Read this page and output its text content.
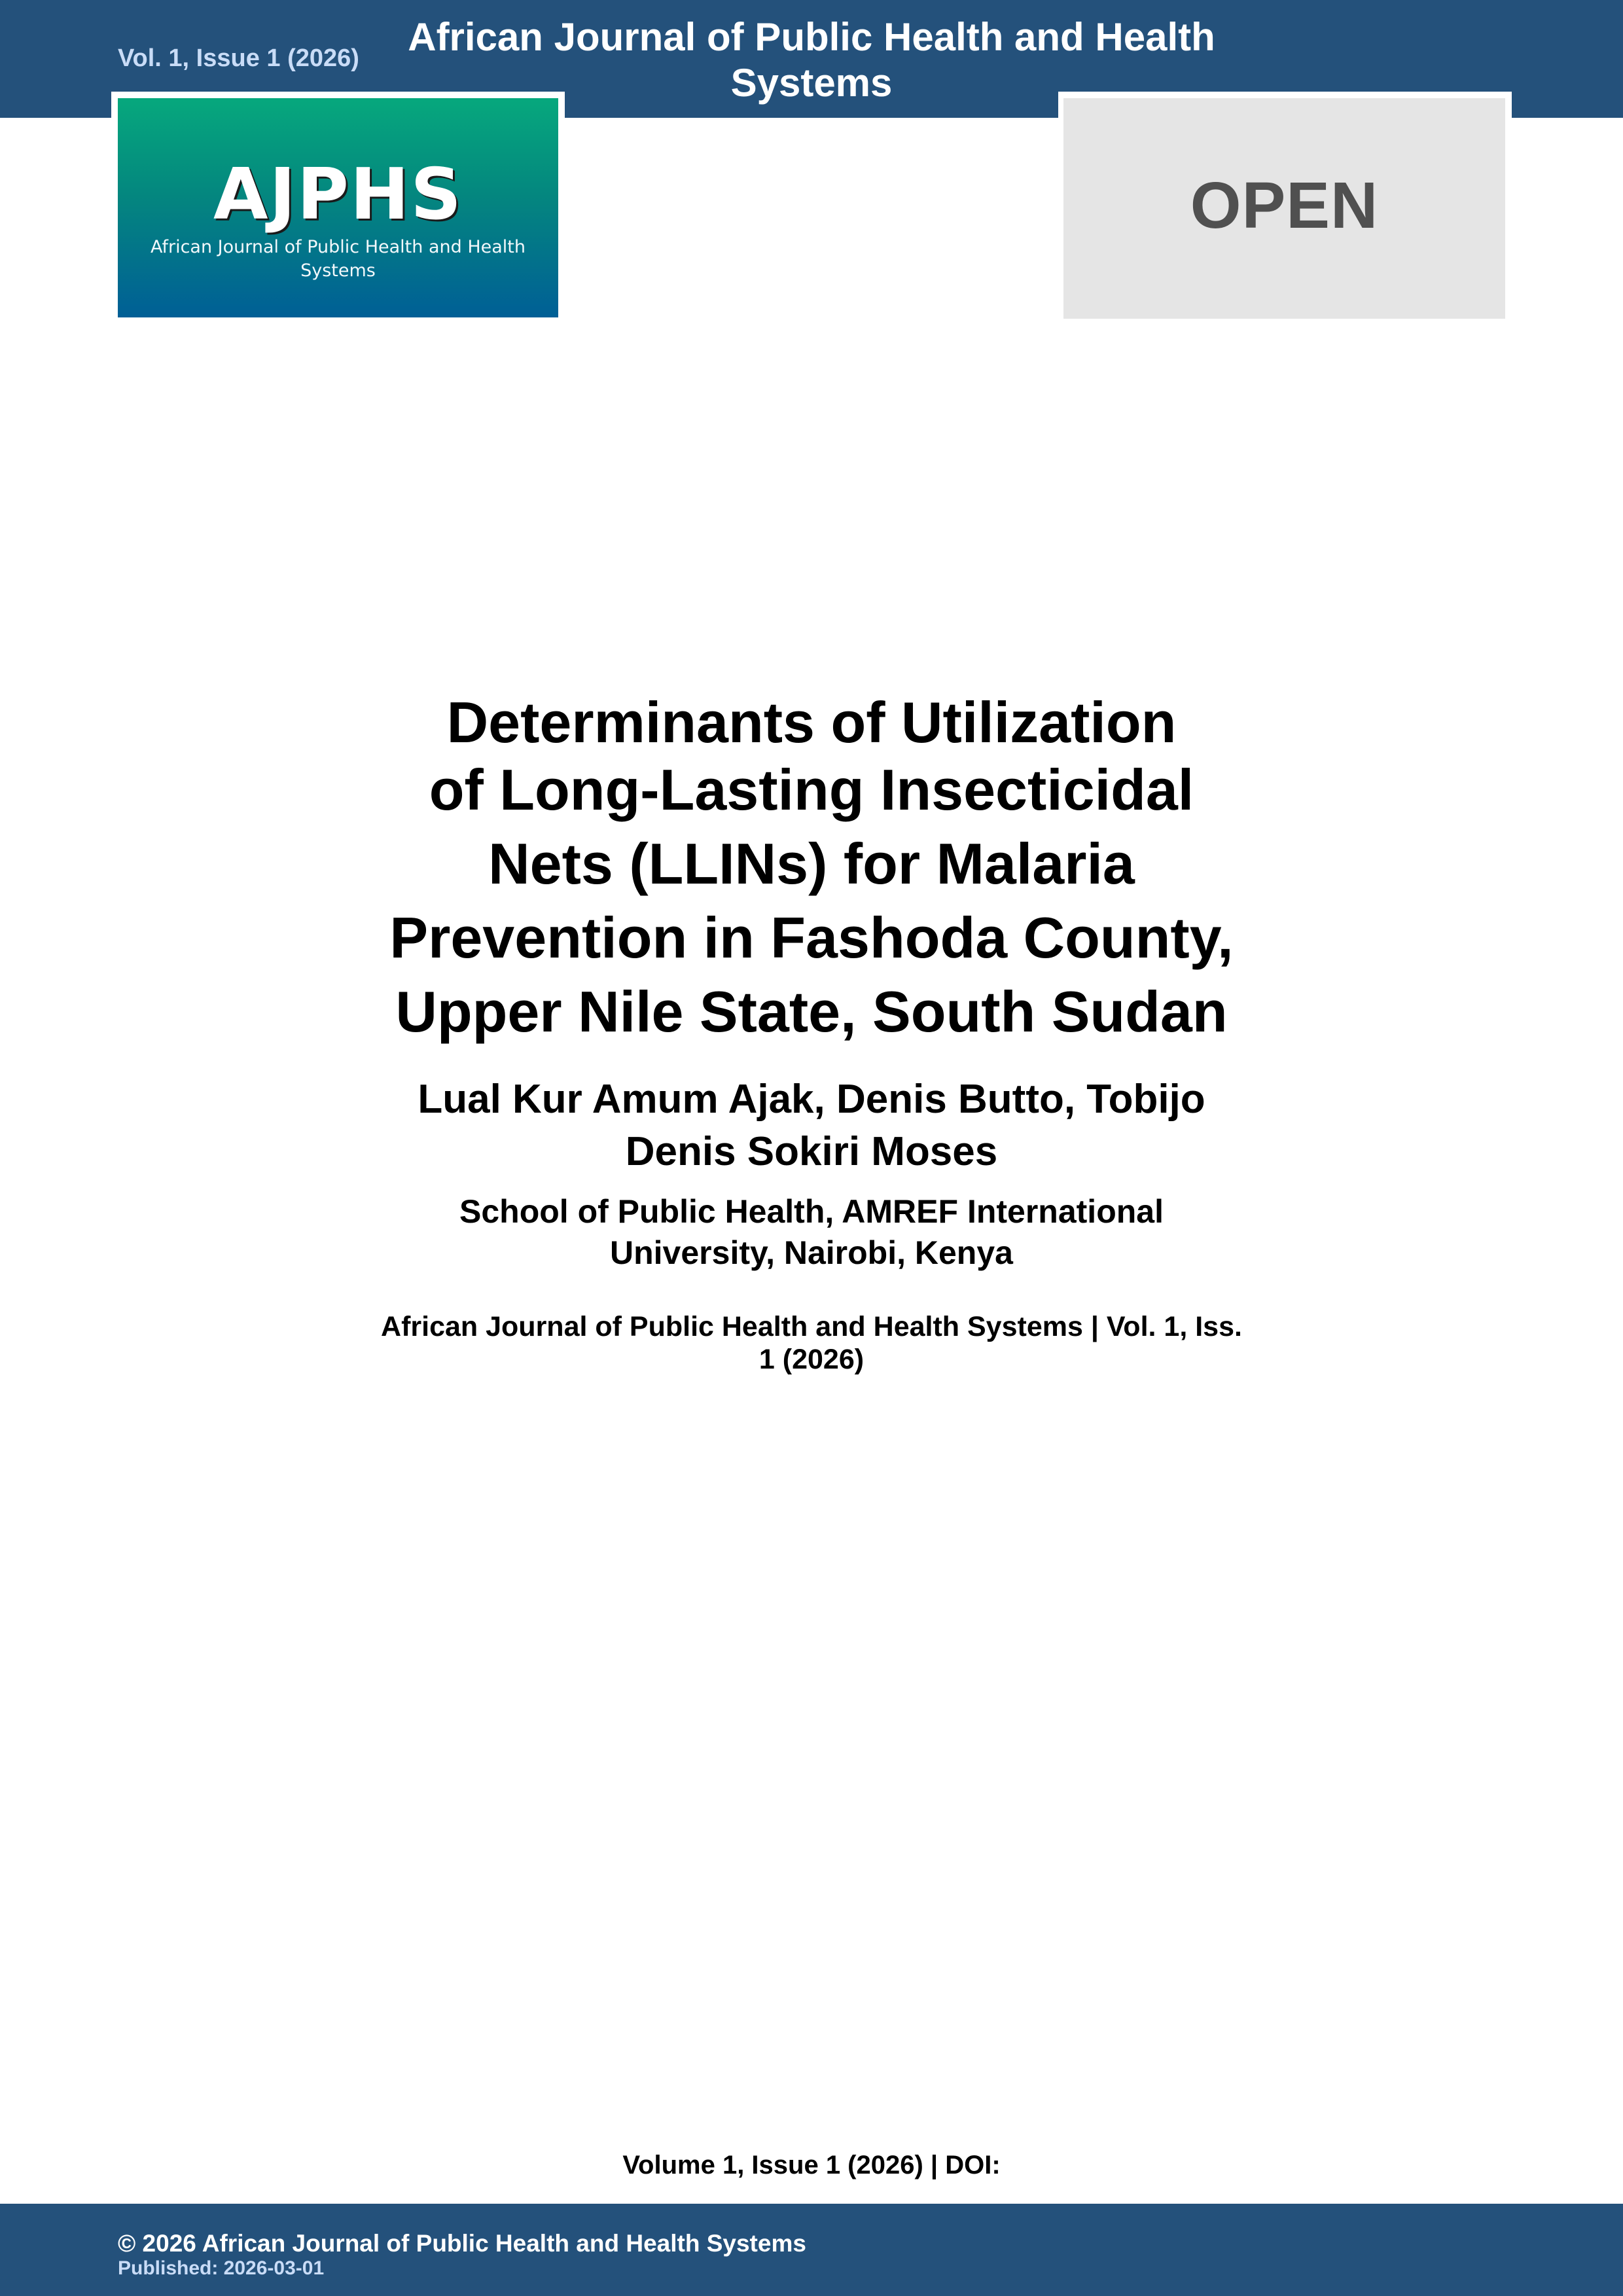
Vol. 1, Issue 1 (2026)	African Journal of Public Health and Health Systems
AJPHS
African Journal of Public Health and Health Systems
OPEN
Determinants of Utilization
of Long-Lasting Insecticidal Nets (LLINs) for Malaria Prevention in Fashoda County, Upper Nile State, South Sudan
Lual Kur Amum Ajak, Denis Butto, Tobijo Denis Sokiri Moses
School of Public Health, AMREF International University, Nairobi, Kenya
African Journal of Public Health and Health Systems | Vol. 1, Iss. 1 (2026)
Volume 1, Issue 1 (2026) | DOI:
© 2026 African Journal of Public Health and Health Systems
Published: 2026-03-01
